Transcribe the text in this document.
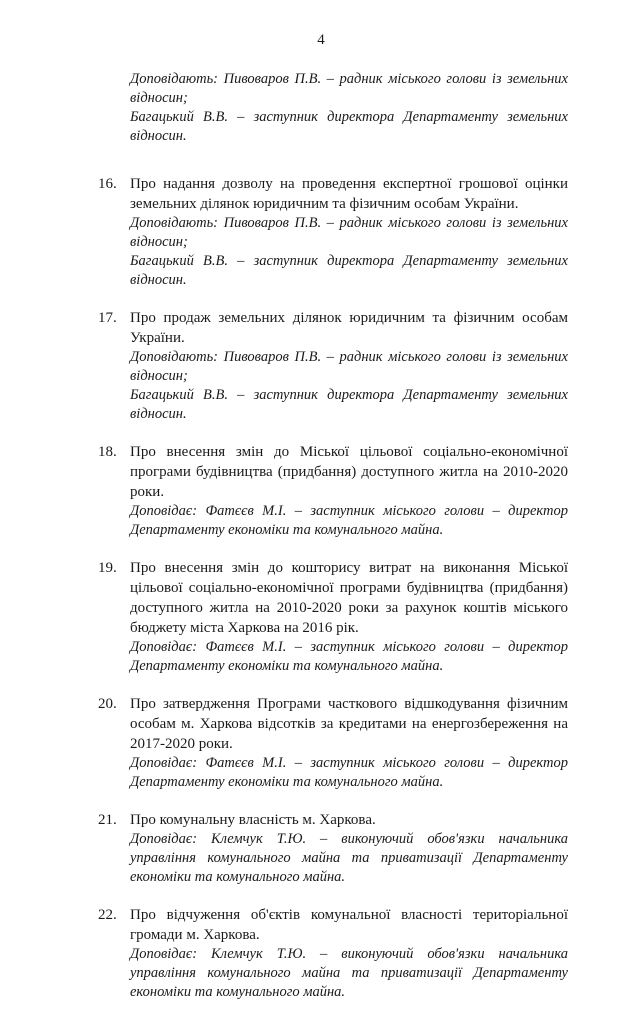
4

Доповідають: Пивоваров П.В. – радник міського голови із земельних відносин;

Багацький В.В. – заступник директора Департаменту земельних відносин.

16. Про надання дозволу на проведення експертної грошової оцінки земельних ділянок юридичним та фізичним особам України.

Доповідають: Пивоваров П.В. – радник міського голови із земельних відносин;

Багацький В.В. – заступник директора Департаменту земельних відносин.

17. Про продаж земельних ділянок юридичним та фізичним особам України.

Доповідають: Пивоваров П.В. – радник міського голови із земельних відносин;

Багацький В.В. – заступник директора Департаменту земельних відносин.

18. Про внесення змін до Міської цільової соціально-економічної програми будівництва (придбання) доступного житла на 2010-2020 роки.

Доповідає: Фатєєв М.І. – заступник міського голови – директор Департаменту економіки та комунального майна.

19. Про внесення змін до кошторису витрат на виконання Міської цільової соціально-економічної програми будівництва (придбання) доступного житла на 2010-2020 роки за рахунок коштів міського бюджету міста Харкова на 2016 рік.

Доповідає: Фатєєв М.І. – заступник міського голови – директор Департаменту економіки та комунального майна.

20. Про затвердження Програми часткового відшкодування фізичним особам м. Харкова відсотків за кредитами на енергозбереження на 2017-2020 роки.

Доповідає: Фатєєв М.І. – заступник міського голови – директор Департаменту економіки та комунального майна.

21. Про комунальну власність м. Харкова.

Доповідає: Клемчук Т.Ю. – виконуючий обов'язки начальника управління комунального майна та приватизації Департаменту економіки та комунального майна.

22. Про відчуження об'єктів комунальної власності територіальної громади м. Харкова.

Доповідає: Клемчук Т.Ю. – виконуючий обов'язки начальника управління комунального майна та приватизації Департаменту економіки та комунального майна.
